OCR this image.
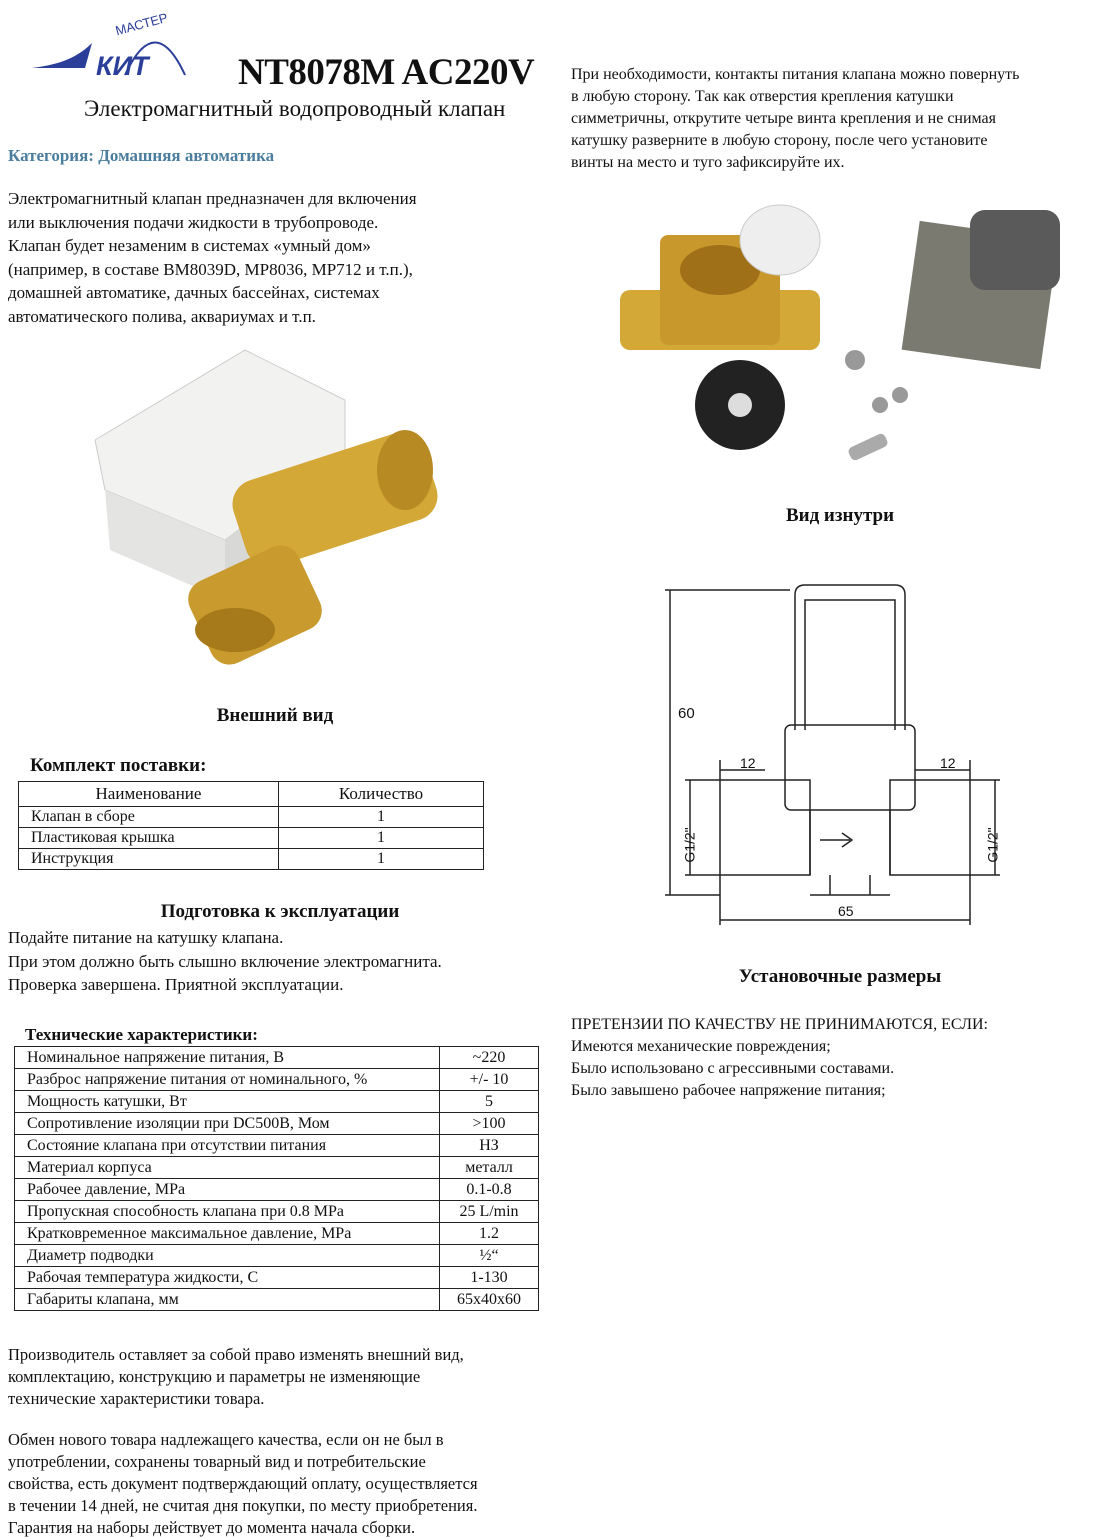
МАСТЕР
КИТ NT8078M AC220V
Электромагнитный водопроводный клапан
Категория: Домашняя автоматика
Электромагнитный клапан предназначен для включения
или выключения подачи жидкости в трубопроводе.
Клапан будет незаменим в системах «умный дом»
(например, в составе BM8039D, MP8036, MP712 и т.п.),
домашней автоматике, дачных бассейнах, системах
автоматического полива, аквариумах и т.п.
Внешний вид
Комплект поставки:
Наименование	Количество
Клапан в сборе	1
Пластиковая крышка	1
Инструкция	1
Подготовка к эксплуатации
Подайте питание на катушку клапана.
При этом должно быть слышно включение электромагнита.
Проверка завершена. Приятной эксплуатации.
Технические характеристики:
Номинальное напряжение питания, В	~220
Разброс напряжение питания от номинального, %	+/- 10
Мощность катушки, Вт	5
Сопротивление изоляции при DC500В, Мом	>100
Состояние клапана при отсутствии питания	НЗ
Материал корпуса	металл
Рабочее давление, MPa	0.1-0.8
Пропускная способность клапана при 0.8 MPa	25 L/min
Кратковременное максимальное давление, MPa	1.2
Диаметр подводки	½“
Рабочая температура жидкости, С	1-130
Габариты клапана, мм	65x40x60
Производитель оставляет за собой право изменять внешний вид,
комплектацию, конструкцию и параметры не изменяющие
технические характеристики товара.
Обмен нового товара надлежащего качества, если он не был в
употреблении, сохранены товарный вид и потребительские
свойства, есть документ подтверждающий оплату, осуществляется
в течении 14 дней, не считая дня покупки, по месту приобретения.
Гарантия на наборы действует до момента начала сборки.
При необходимости, контакты питания клапана можно повернуть
в любую сторону. Так как отверстия крепления катушки
симметричны, открутите четыре винта крепления и не снимая
катушку разверните в любую сторону, после чего установите
винты на место и туго зафиксируйте их.
Вид изнутри
60
12	12
G1/2"	G1/2"
65
Установочные размеры
ПРЕТЕНЗИИ ПО КАЧЕСТВУ НЕ ПРИНИМАЮТСЯ, ЕСЛИ:
Имеются механические повреждения;
Было использовано с агрессивными составами.
Было завышено рабочее напряжение питания;
